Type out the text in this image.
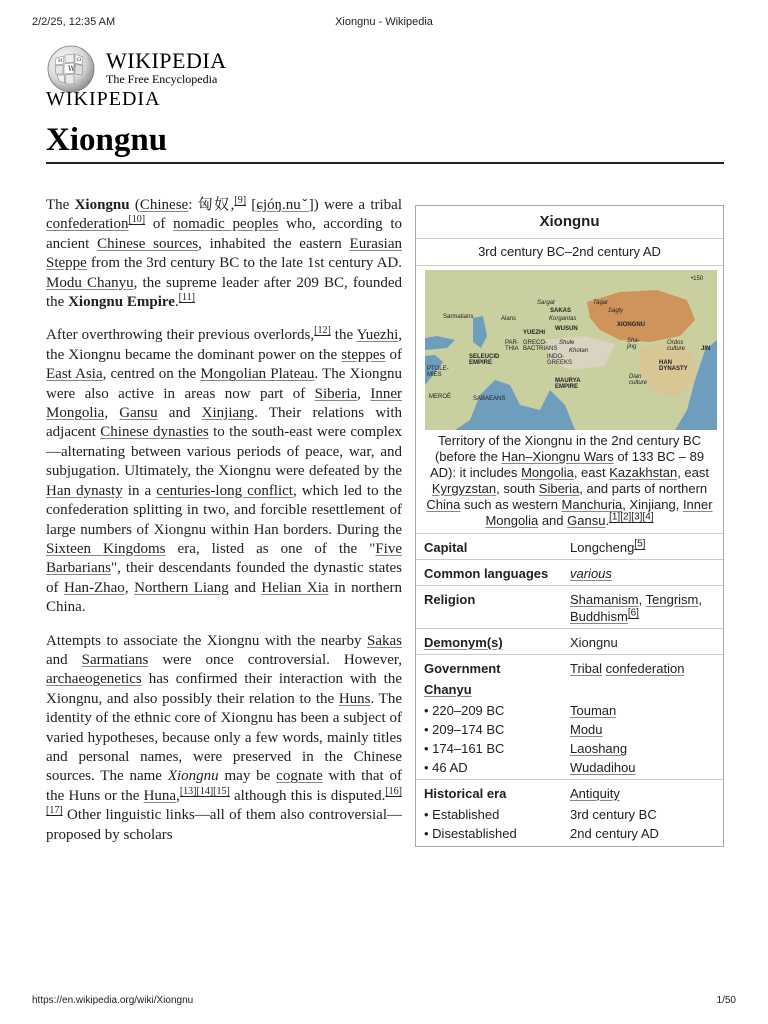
2/2/25, 12:35 AM	Xiongnu - Wikipedia
W
Ω
И WIKIPEDIA
The Free Encyclopedia
WIKIPEDIA
Xiongnu

The Xiongnu (Chinese: 匈奴,[9] [ɕjóŋ.nuˇ]) were a tribal confederation[10] of nomadic peoples who, according to ancient Chinese sources, inhabited the eastern Eurasian Steppe from the 3rd century BC to the late 1st century AD. Modu Chanyu, the supreme leader after 209 BC, founded the Xiongnu Empire.[11]

After overthrowing their previous overlords,[12] the Yuezhi, the Xiongnu became the dominant power on the steppes of East Asia, centred on the Mongolian Plateau. The Xiongnu were also active in areas now part of Siberia, Inner Mongolia, Gansu and Xinjiang. Their relations with adjacent Chinese dynasties to the south-east were complex—alternating between various periods of peace, war, and subjugation. Ultimately, the Xiongnu were defeated by the Han dynasty in a centuries-long conflict, which led to the confederation splitting in two, and forcible resettlement of large numbers of Xiongnu within Han borders. During the Sixteen Kingdoms era, listed as one of the "Five Barbarians", their descendants founded the dynastic states of Han-Zhao, Northern Liang and Helian Xia in northern China.

Attempts to associate the Xiongnu with the nearby Sakas and Sarmatians were once controversial. However, archaeogenetics has confirmed their interaction with the Xiongnu, and also possibly their relation to the Huns. The identity of the ethnic core of Xiongnu has been a subject of varied hypotheses, because only a few words, mainly titles and personal names, were preserved in the Chinese sources. The name Xiongnu may be cognate with that of the Huns or the Huna,[13][14][15] although this is disputed.[16][17] Other linguistic links—all of them also controversial—proposed by scholars

Xiongnu
3rd century BC–2nd century AD
•150
Sarmatians	Alans
Sargat
SAKAS
Korgantas
Tagar
Sagly
XIONGNU
YUEZHI
WUSUN
PAR-THIA
GRECO-BACTRIANS
Shule
Khotan
SELEUCID EMPIRE
INDO-GREEKS
Sha-jing
Ordos culture
HAN DYNASTY
JIN
PTOLE-MIES
MAURYA EMPIRE
Dian culture
MEROË	SABAEANS
Territory of the Xiongnu in the 2nd century BC (before the Han–Xiongnu Wars of 133 BC – 89 AD): it includes Mongolia, east Kazakhstan, east Kyrgyzstan, south Siberia, and parts of northern China such as western Manchuria, Xinjiang, Inner Mongolia and Gansu.[1][2][3][4]
Capital	Longcheng[5]
Common languages	various
Religion	Shamanism, Tengrism, Buddhism[6]
Demonym(s)	Xiongnu
Government	Tribal confederation
Chanyu
• 220–209 BC	Touman
• 209–174 BC	Modu
• 174–161 BC	Laoshang
• 46 AD	Wudadihou
Historical era	Antiquity
• Established	3rd century BC
• Disestablished	2nd century AD
https://en.wikipedia.org/wiki/Xiongnu	1/50
